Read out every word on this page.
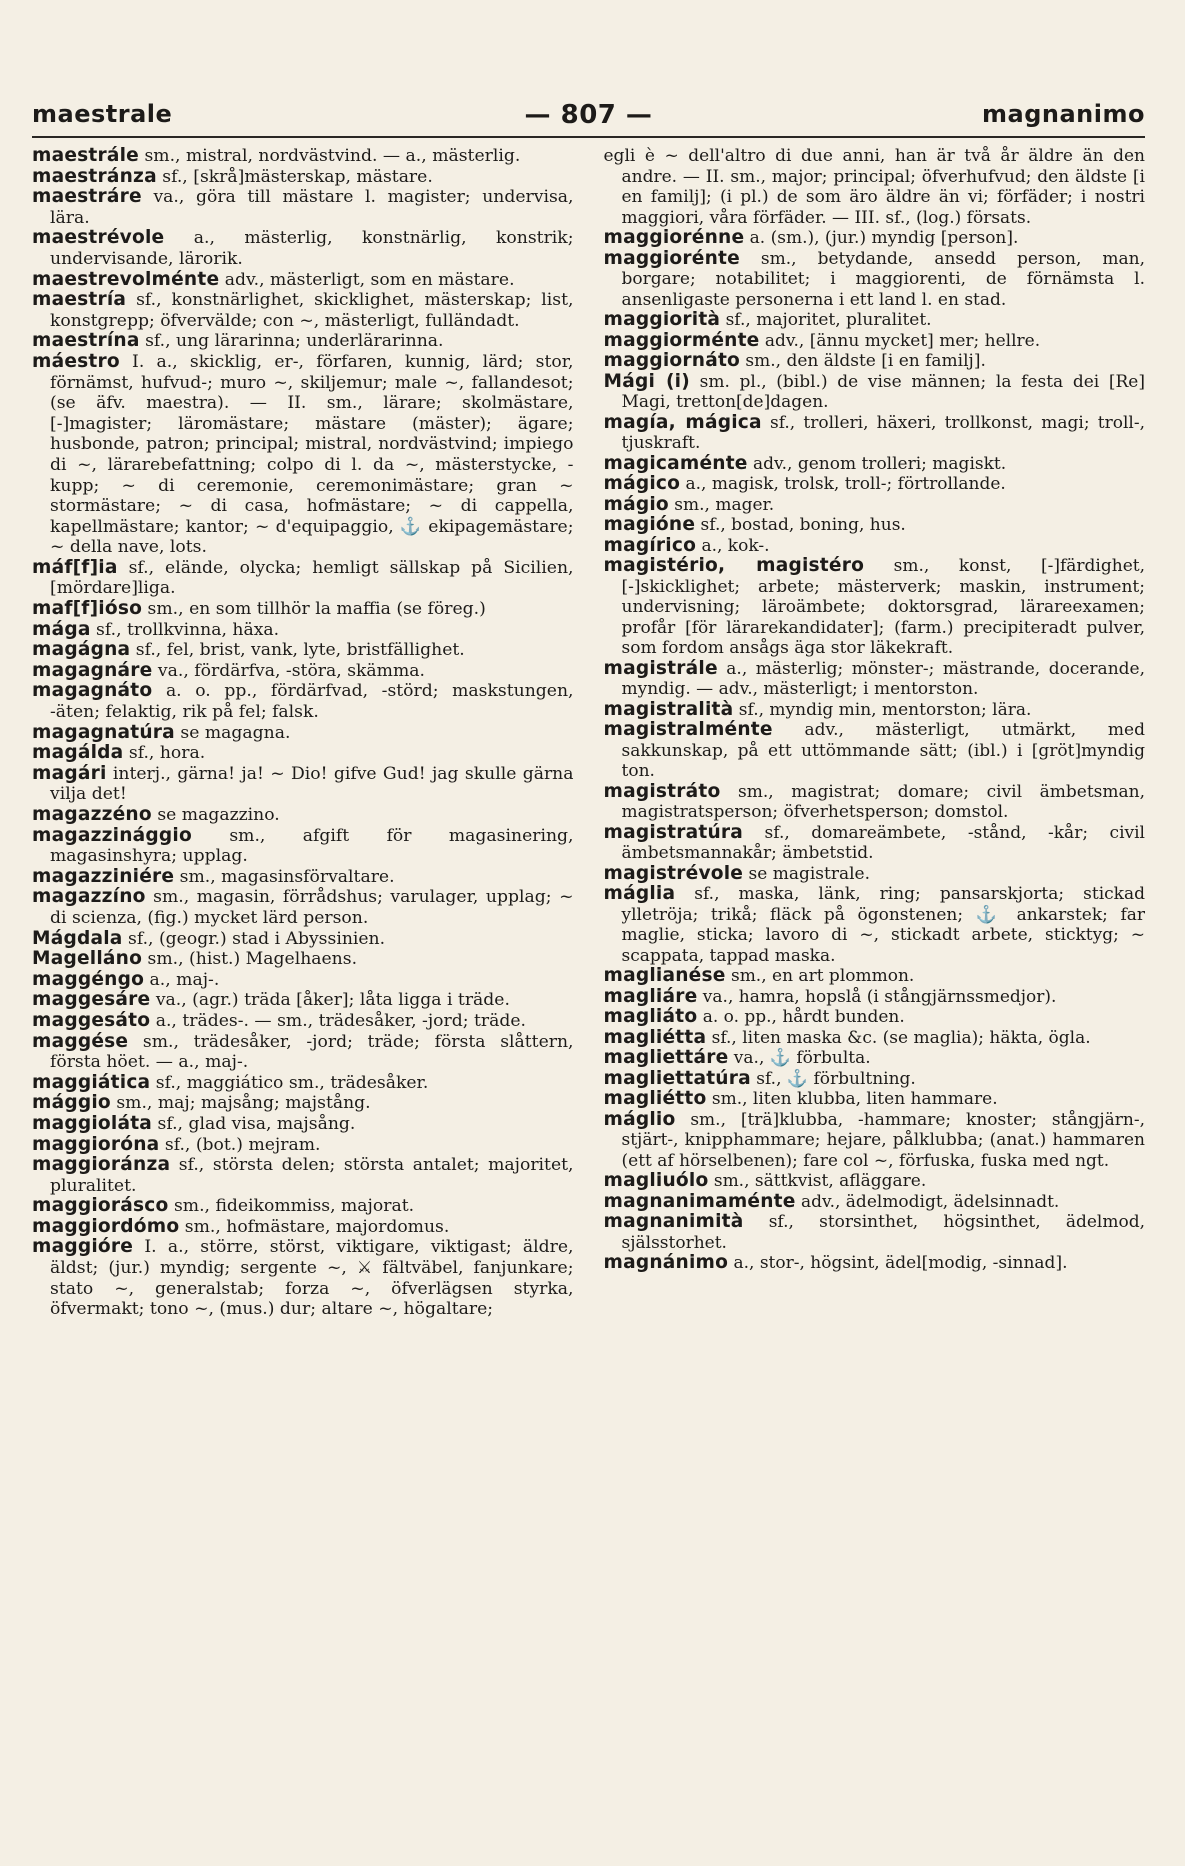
maestrale	— 807 —	magnanimo

maestrále sm., mistral, nordvästvind. — a., mästerlig.

maestránza sf., [skrå]mästerskap, mästare.

maestráre va., göra till mästare l. magister; undervisa, lära.

maestrévole a., mästerlig, konstnärlig, konstrik; undervisande, lärorik.

maestrevolménte adv., mästerligt, som en mästare.

maestría sf., konstnärlighet, skicklighet, mästerskap; list, konstgrepp; öfvervälde; con ~, mästerligt, fulländadt.

maestrína sf., ung lärarinna; underlärarinna.

máestro I. a., skicklig, er-, förfaren, kunnig, lärd; stor, förnämst, hufvud-; muro ~, skiljemur; male ~, fallandesot; (se äfv. maestra). — II. sm., lärare; skolmästare, [-]magister; läromästare; mästare (mäster); ägare; husbonde, patron; principal; mistral, nordvästvind; impiego di ~, lärarebefattning; colpo di l. da ~, mästerstycke, -kupp; ~ di ceremonie, ceremonimästare; gran ~ stormästare; ~ di casa, hofmästare; ~ di cappella, kapellmästare; kantor; ~ d'equipaggio, ⚓ ekipagemästare; ~ della nave, lots.

máf[f]ia sf., elände, olycka; hemligt sällskap på Sicilien, [mördare]liga.

maf[f]ióso sm., en som tillhör la maffia (se föreg.)

mága sf., trollkvinna, häxa.

magágna sf., fel, brist, vank, lyte, bristfällighet.

magagnáre va., fördärfva, -störa, skämma.

magagnáto a. o. pp., fördärfvad, -störd; maskstungen, -äten; felaktig, rik på fel; falsk.

magagnatúra se magagna.

magálda sf., hora.

magári interj., gärna! ja! ~ Dio! gifve Gud! jag skulle gärna vilja det!

magazzéno se magazzino.

magazzinággio sm., afgift för magasinering, magasinshyra; upplag.

magazziniére sm., magasinsförvaltare.

magazzíno sm., magasin, förrådshus; varulager, upplag; ~ di scienza, (fig.) mycket lärd person.

Mágdala sf., (geogr.) stad i Abyssinien.

Magelláno sm., (hist.) Magelhaens.

maggéngo a., maj-.

maggesáre va., (agr.) träda [åker]; låta ligga i träde.

maggesáto a., trädes-. — sm., trädesåker, -jord; träde.

maggése sm., trädesåker, -jord; träde; första slåttern, första höet. — a., maj-.

maggiática sf., maggiático sm., trädesåker.

mággio sm., maj; majsång; majstång.

maggioláta sf., glad visa, majsång.

maggioróna sf., (bot.) mejram.

maggioránza sf., största delen; största antalet; majoritet, pluralitet.

maggiorásco sm., fideikommiss, majorat.

maggiordómo sm., hofmästare, majordomus.

maggióre I. a., större, störst, viktigare, viktigast; äldre, äldst; (jur.) myndig; sergente ~, ⚔ fältväbel, fanjunkare; stato ~, generalstab; forza ~, öfverlägsen styrka, öfvermakt; tono ~, (mus.) dur; altare ~, högaltare;

egli è ~ dell'altro di due anni, han är två år äldre än den andre. — II. sm., major; principal; öfverhufvud; den äldste [i en familj]; (i pl.) de som äro äldre än vi; förfäder; i nostri maggiori, våra förfäder. — III. sf., (log.) försats.

maggiorénne a. (sm.), (jur.) myndig [person].

maggiorénte sm., betydande, ansedd person, man, borgare; notabilitet; i maggiorenti, de förnämsta l. ansenligaste personerna i ett land l. en stad.

maggiorità sf., majoritet, pluralitet.

maggiorménte adv., [ännu mycket] mer; hellre.

maggiornáto sm., den äldste [i en familj].

Mági (i) sm. pl., (bibl.) de vise männen; la festa dei [Re] Magi, tretton[de]dagen.

magía, mágica sf., trolleri, häxeri, trollkonst, magi; troll-, tjuskraft.

magicaménte adv., genom trolleri; magiskt.

mágico a., magisk, trolsk, troll-; förtrollande.

mágio sm., mager.

magióne sf., bostad, boning, hus.

magírico a., kok-.

magistério, magistéro sm., konst, [-]färdighet, [-]skicklighet; arbete; mästerverk; maskin, instrument; undervisning; läroämbete; doktorsgrad, lärareexamen; profår [för lärarekandidater]; (farm.) precipiteradt pulver, som fordom ansågs äga stor läkekraft.

magistrále a., mästerlig; mönster-; mästrande, docerande, myndig. — adv., mästerligt; i mentorston.

magistralità sf., myndig min, mentorston; lära.

magistralménte adv., mästerligt, utmärkt, med sakkunskap, på ett uttömmande sätt; (ibl.) i [gröt]myndig ton.

magistráto sm., magistrat; domare; civil ämbetsman, magistratsperson; öfverhetsperson; domstol.

magistratúra sf., domareämbete, -stånd, -kår; civil ämbetsmannakår; ämbetstid.

magistrévole se magistrale.

máglia sf., maska, länk, ring; pansarskjorta; stickad ylletröja; trikå; fläck på ögonstenen; ⚓ ankarstek; far maglie, sticka; lavoro di ~, stickadt arbete, sticktyg; ~ scappata, tappad maska.

maglianése sm., en art plommon.

magliáre va., hamra, hopslå (i stångjärnssmedjor).

magliáto a. o. pp., hårdt bunden.

magliétta sf., liten maska &c. (se maglia); häkta, ögla.

magliettáre va., ⚓ förbulta.

magliettatúra sf., ⚓ förbultning.

magliétto sm., liten klubba, liten hammare.

máglio sm., [trä]klubba, -hammare; knoster; stångjärn-, stjärt-, knipphammare; hejare, pålklubba; (anat.) hammaren (ett af hörselbenen); fare col ~, förfuska, fuska med ngt.

magliuólo sm., sättkvist, afläggare.

magnanimaménte adv., ädelmodigt, ädelsinnadt.

magnanimità sf., storsinthet, högsinthet, ädelmod, själsstorhet.

magnánimo a., stor-, högsint, ädel[modig, -sinnad].
